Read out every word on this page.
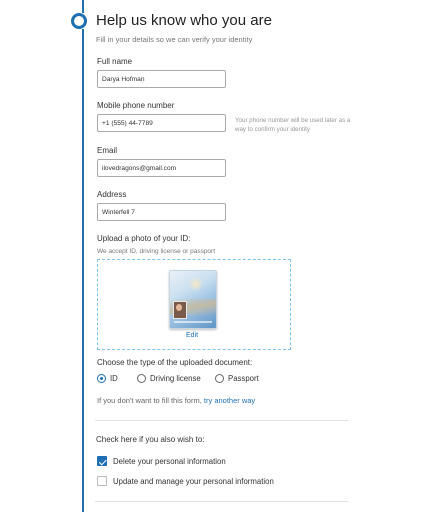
Help us know who you are
Fill in your details so we can verify your identity
Full name
Darya Hofman
Mobile phone number
+1 (555) 44-7789
Your phone number will be used later as a way to confirm your identity
Email
ilovedragons@gmail.com
Address
Winterfell 7
Upload a photo of your ID:
We accept ID, driving license or passport
Edit
Choose the type of the uploaded document:
ID	Driving license	Passport
If you don't want to fill this form, try another way
Check here if you also wish to:
Delete your personal information
Update and manage your personal information
